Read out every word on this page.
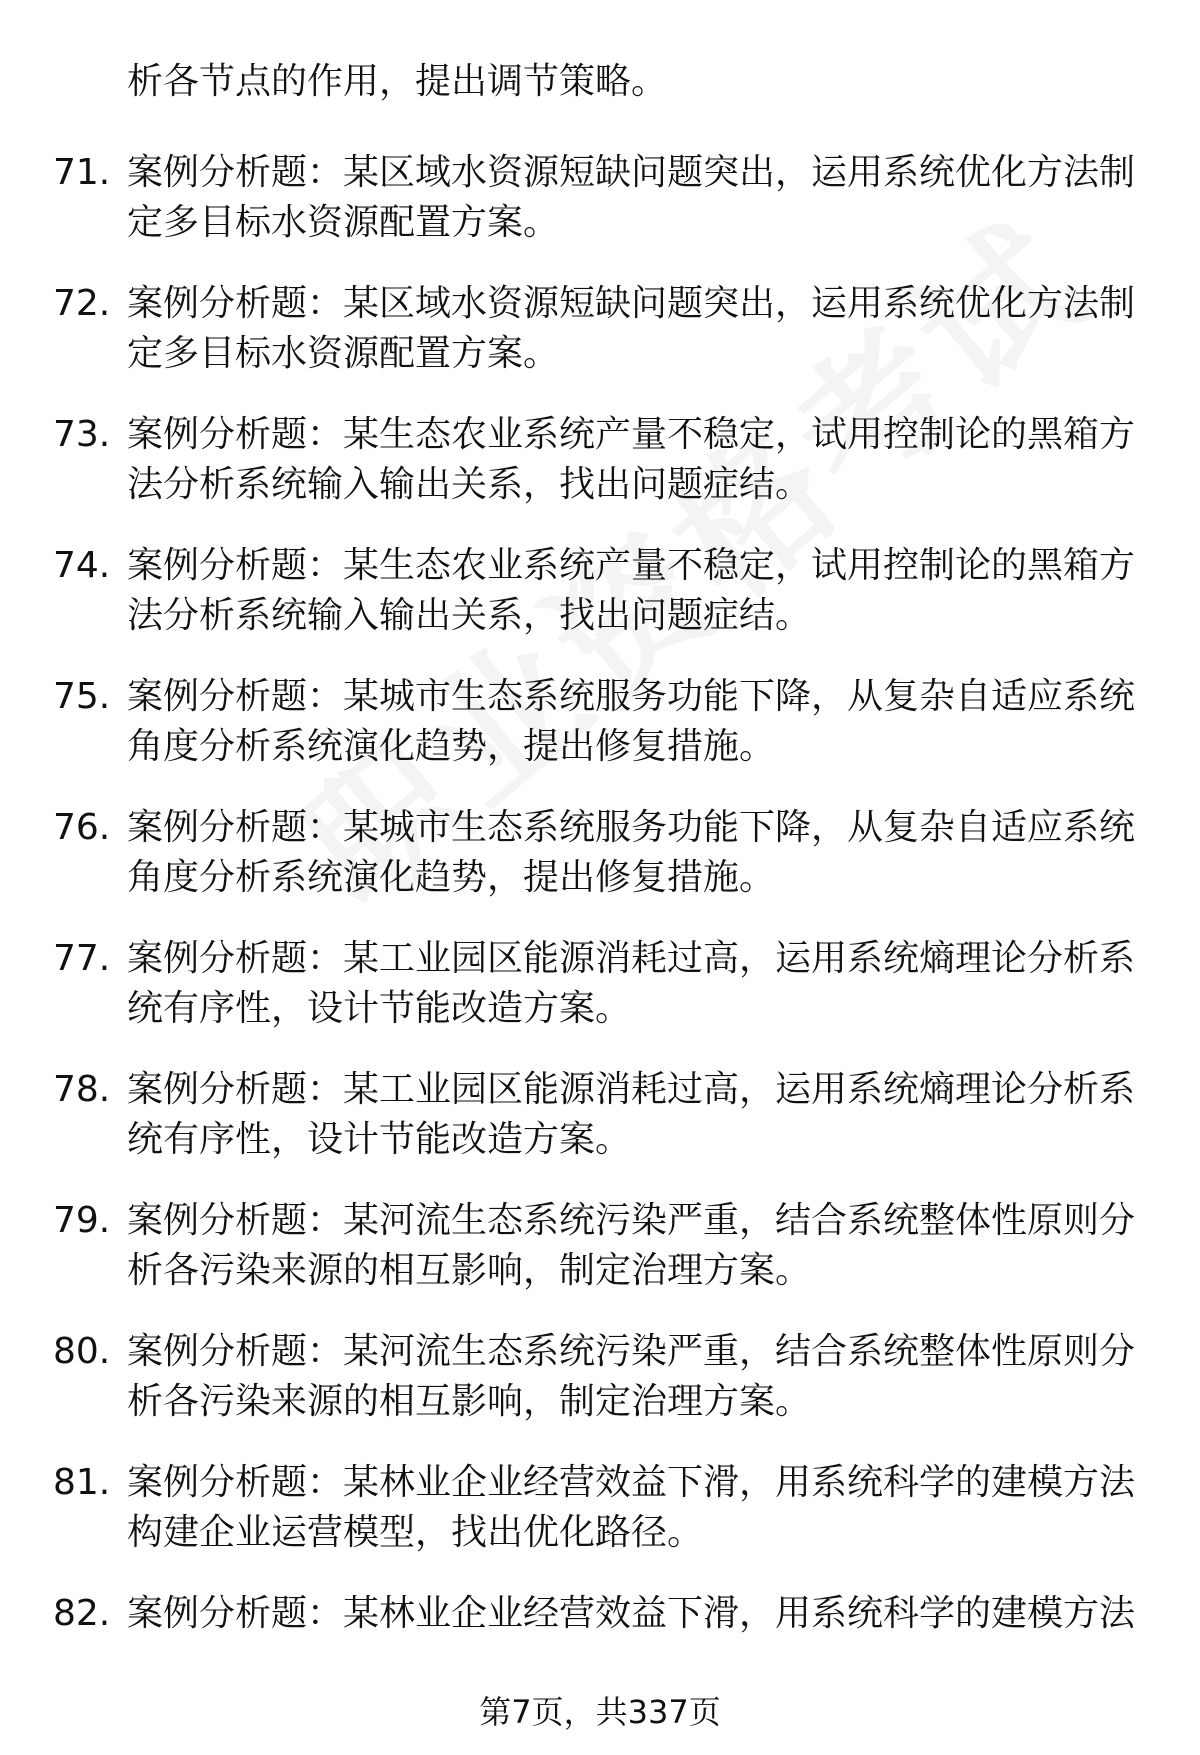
析各节点的作用，提出调节策略。
71. 案例分析题：某区域水资源短缺问题突出，运用系统优化方法制定多目标水资源配置方案。
72. 案例分析题：某区域水资源短缺问题突出，运用系统优化方法制定多目标水资源配置方案。
73. 案例分析题：某生态农业系统产量不稳定，试用控制论的黑箱方法分析系统输入输出关系，找出问题症结。
74. 案例分析题：某生态农业系统产量不稳定，试用控制论的黑箱方法分析系统输入输出关系，找出问题症结。
75. 案例分析题：某城市生态系统服务功能下降，从复杂自适应系统角度分析系统演化趋势，提出修复措施。
76. 案例分析题：某城市生态系统服务功能下降，从复杂自适应系统角度分析系统演化趋势，提出修复措施。
77. 案例分析题：某工业园区能源消耗过高，运用系统熵理论分析系统有序性，设计节能改造方案。
78. 案例分析题：某工业园区能源消耗过高，运用系统熵理论分析系统有序性，设计节能改造方案。
79. 案例分析题：某河流生态系统污染严重，结合系统整体性原则分析各污染来源的相互影响，制定治理方案。
80. 案例分析题：某河流生态系统污染严重，结合系统整体性原则分析各污染来源的相互影响，制定治理方案。
81. 案例分析题：某林业企业经营效益下滑，用系统科学的建模方法构建企业运营模型，找出优化路径。
82. 案例分析题：某林业企业经营效益下滑，用系统科学的建模方法
第7页，共337页
